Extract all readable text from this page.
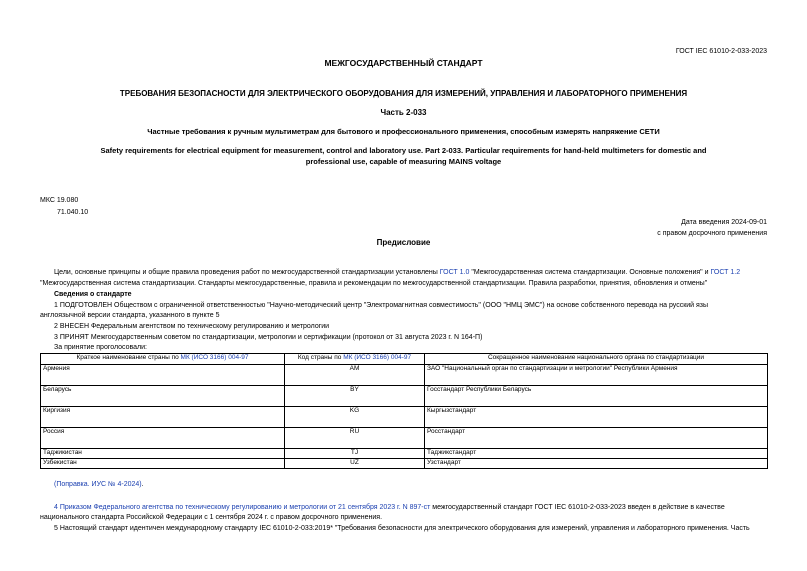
ГОСТ IEC 61010-2-033-2023
МЕЖГОСУДАРСТВЕННЫЙ СТАНДАРТ
ТРЕБОВАНИЯ БЕЗОПАСНОСТИ ДЛЯ ЭЛЕКТРИЧЕСКОГО ОБОРУДОВАНИЯ ДЛЯ ИЗМЕРЕНИЙ, УПРАВЛЕНИЯ И ЛАБОРАТОРНОГО ПРИМЕНЕНИЯ
Часть 2-033
Частные требования к ручным мультиметрам для бытового и профессионального применения, способным измерять напряжение СЕТИ
Safety requirements for electrical equipment for measurement, control and laboratory use. Part 2-033. Particular requirements for hand-held multimeters for domestic and
professional use, capable of measuring MAINS voltage
МКС 19.080
71.040.10
Дата введения 2024-09-01
с правом досрочного применения
Предисловие
Цели, основные принципы и общие правила проведения работ по межгосударственной стандартизации установлены ГОСТ 1.0 "Межгосударственная система стандартизации. Основные положения" и ГОСТ 1.2
"Межгосударственная система стандартизации. Стандарты межгосударственные, правила и рекомендации по межгосударственной стандартизации. Правила разработки, принятия, обновления и отмены"
Сведения о стандарте
1 ПОДГОТОВЛЕН Обществом с ограниченной ответственностью "Научно-методический центр "Электромагнитная совместимость" (ООО "НМЦ ЭМС") на основе собственного перевода на русский язы
англоязычной версии стандарта, указанного в пункте 5
2 ВНЕСЕН Федеральным агентством по техническому регулированию и метрологии
3 ПРИНЯТ Межгосударственным советом по стандартизации, метрологии и сертификации (протокол от 31 августа 2023 г. N 164-П)
За принятие проголосовали:
Краткое наименование страны по МК (ИСО 3166) 004-97	Код страны по МК (ИСО 3166) 004-97	Сокращенное наименование национального органа по стандартизации
Армения	AM	ЗАО "Национальный орган по стандартизации и метрологии" Республики Армения
Беларусь	BY	Госстандарт Республики Беларусь
Киргизия	KG	Кыргызстандарт
Россия	RU	Росстандарт
Таджикистан	TJ	Таджикстандарт
Узбекистан	UZ	Узстандарт
(Поправка. ИУС № 4-2024).
4 Приказом Федерального агентства по техническому регулированию и метрологии от 21 сентября 2023 г. N 897-ст межгосударственный стандарт ГОСТ IEC 61010-2-033-2023 введен в действие в качестве
национального стандарта Российской Федерации с 1 сентября 2024 г. с правом досрочного применения.
5 Настоящий стандарт идентичен международному стандарту IEC 61010-2-033:2019* "Требования безопасности для электрического оборудования для измерений, управления и лабораторного применения. Часть
